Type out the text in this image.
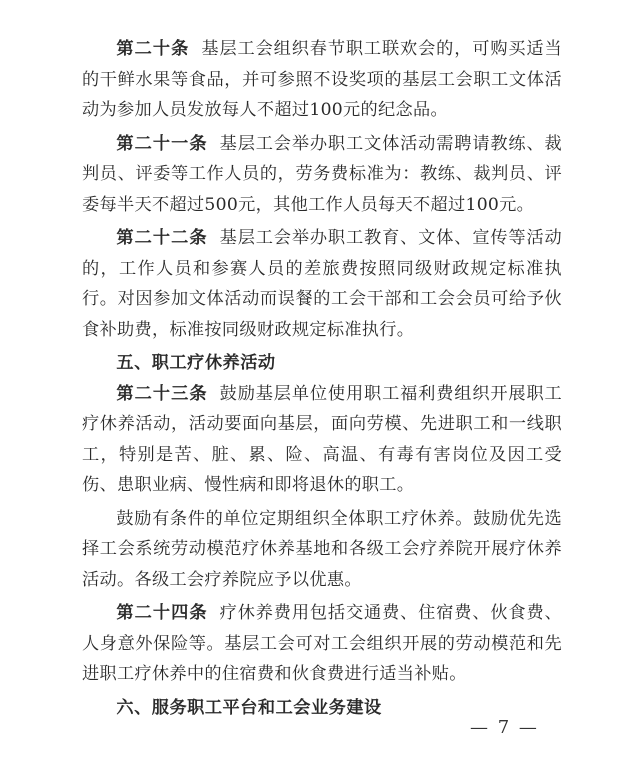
第二十条 基层工会组织春节职工联欢会的，可购买适当的干鲜水果等食品，并可参照不设奖项的基层工会职工文体活动为参加人员发放每人不超过100元的纪念品。

第二十一条 基层工会举办职工文体活动需聘请教练、裁判员、评委等工作人员的，劳务费标准为：教练、裁判员、评委每半天不超过500元，其他工作人员每天不超过100元。

第二十二条 基层工会举办职工教育、文体、宣传等活动的，工作人员和参赛人员的差旅费按照同级财政规定标准执行。对因参加文体活动而误餐的工会干部和工会会员可给予伙食补助费，标准按同级财政规定标准执行。

五、职工疗休养活动

第二十三条 鼓励基层单位使用职工福利费组织开展职工疗休养活动，活动要面向基层，面向劳模、先进职工和一线职工，特别是苦、脏、累、险、高温、有毒有害岗位及因工受伤、患职业病、慢性病和即将退休的职工。

鼓励有条件的单位定期组织全体职工疗休养。鼓励优先选择工会系统劳动模范疗休养基地和各级工会疗养院开展疗休养活动。各级工会疗养院应予以优惠。

第二十四条 疗休养费用包括交通费、住宿费、伙食费、人身意外保险等。基层工会可对工会组织开展的劳动模范和先进职工疗休养中的住宿费和伙食费进行适当补贴。

六、服务职工平台和工会业务建设

— 7 —
